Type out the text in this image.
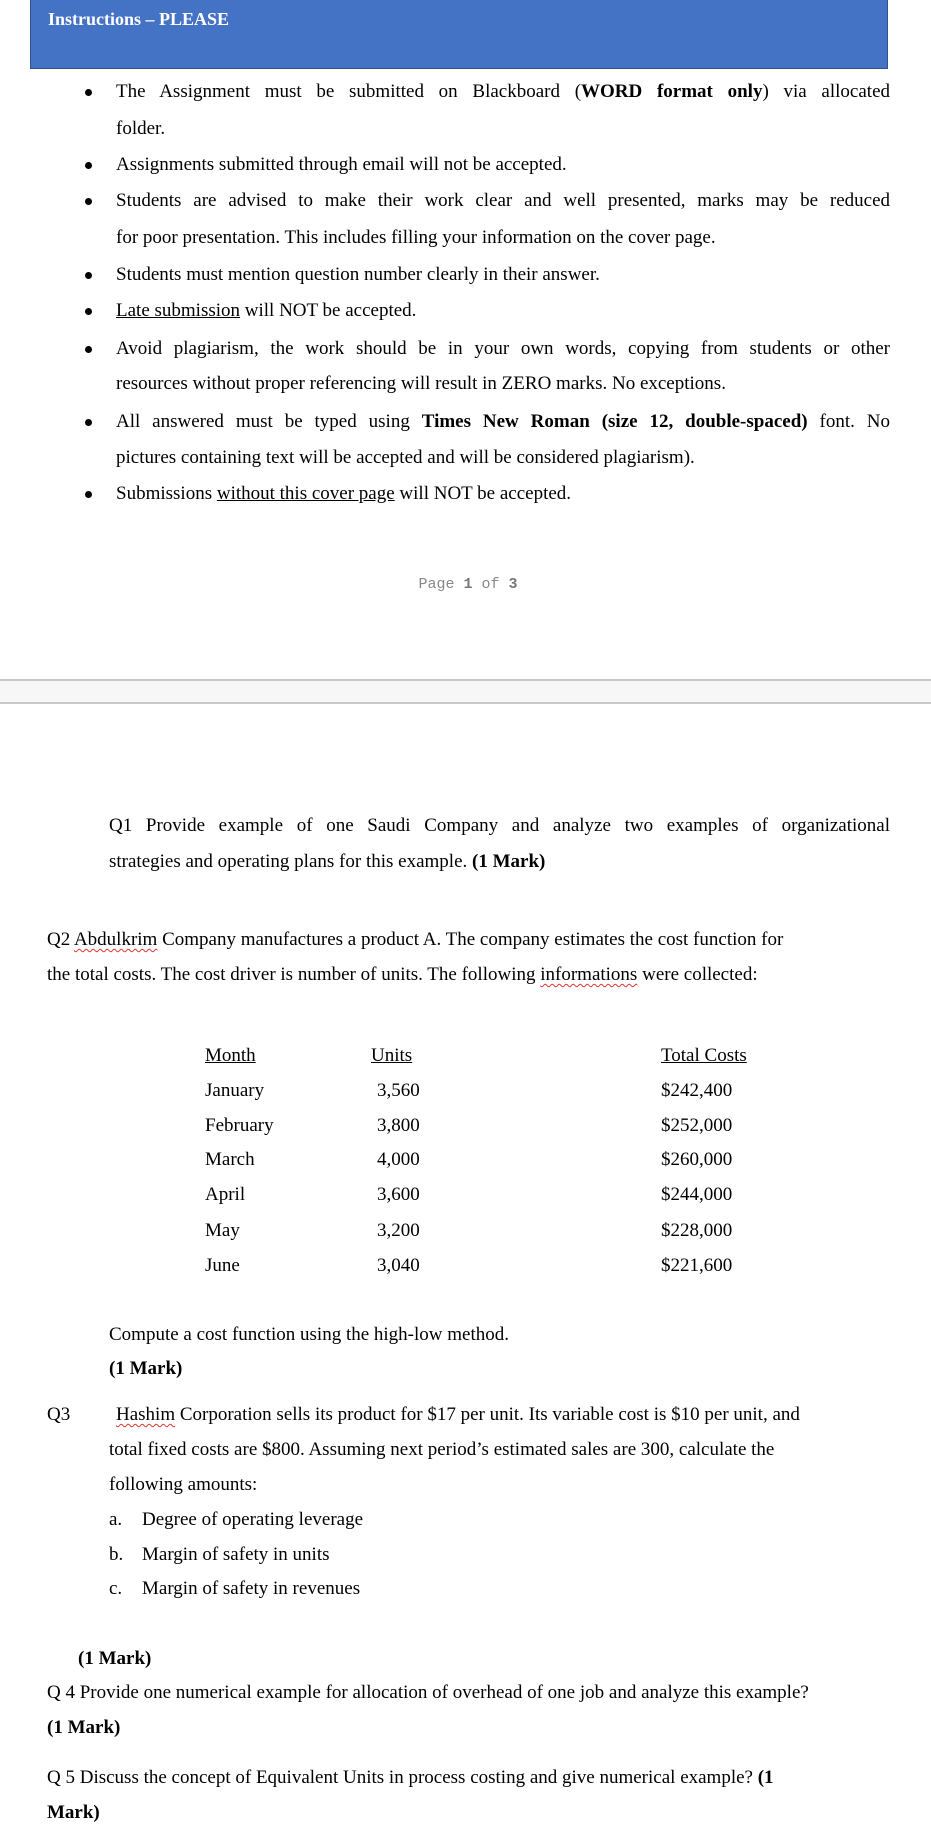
Instructions – PLEASE
The Assignment must be submitted on Blackboard (WORD format only) via allocated
folder.
Assignments submitted through email will not be accepted.
Students are advised to make their work clear and well presented, marks may be reduced
for poor presentation. This includes filling your information on the cover page.
Students must mention question number clearly in their answer.
Late submission will NOT be accepted.
Avoid plagiarism, the work should be in your own words, copying from students or other
resources without proper referencing will result in ZERO marks. No exceptions.
All answered must be typed using Times New Roman (size 12, double-spaced) font. No
pictures containing text will be accepted and will be considered plagiarism).
Submissions without this cover page will NOT be accepted.
Page 1 of 3
Q1 Provide example of one Saudi Company and analyze two examples of organizational
strategies and operating plans for this example. (1 Mark)
Q2 Abdulkrim Company manufactures a product A. The company estimates the cost function for
the total costs. The cost driver is number of units. The following informations were collected:
Month	Units	Total Costs
January	3,560	$242,400
February	3,800	$252,000
March	4,000	$260,000
April	3,600	$244,000
May	3,200	$228,000
June	3,040	$221,600
Compute a cost function using the high-low method.
(1 Mark)
Q3 Hashim Corporation sells its product for $17 per unit. Its variable cost is $10 per unit, and
total fixed costs are $800. Assuming next period’s estimated sales are 300, calculate the
following amounts:
a. Degree of operating leverage
b. Margin of safety in units
c. Margin of safety in revenues
(1 Mark)
Q 4 Provide one numerical example for allocation of overhead of one job and analyze this example?
(1 Mark)
Q 5 Discuss the concept of Equivalent Units in process costing and give numerical example? (1
Mark)
